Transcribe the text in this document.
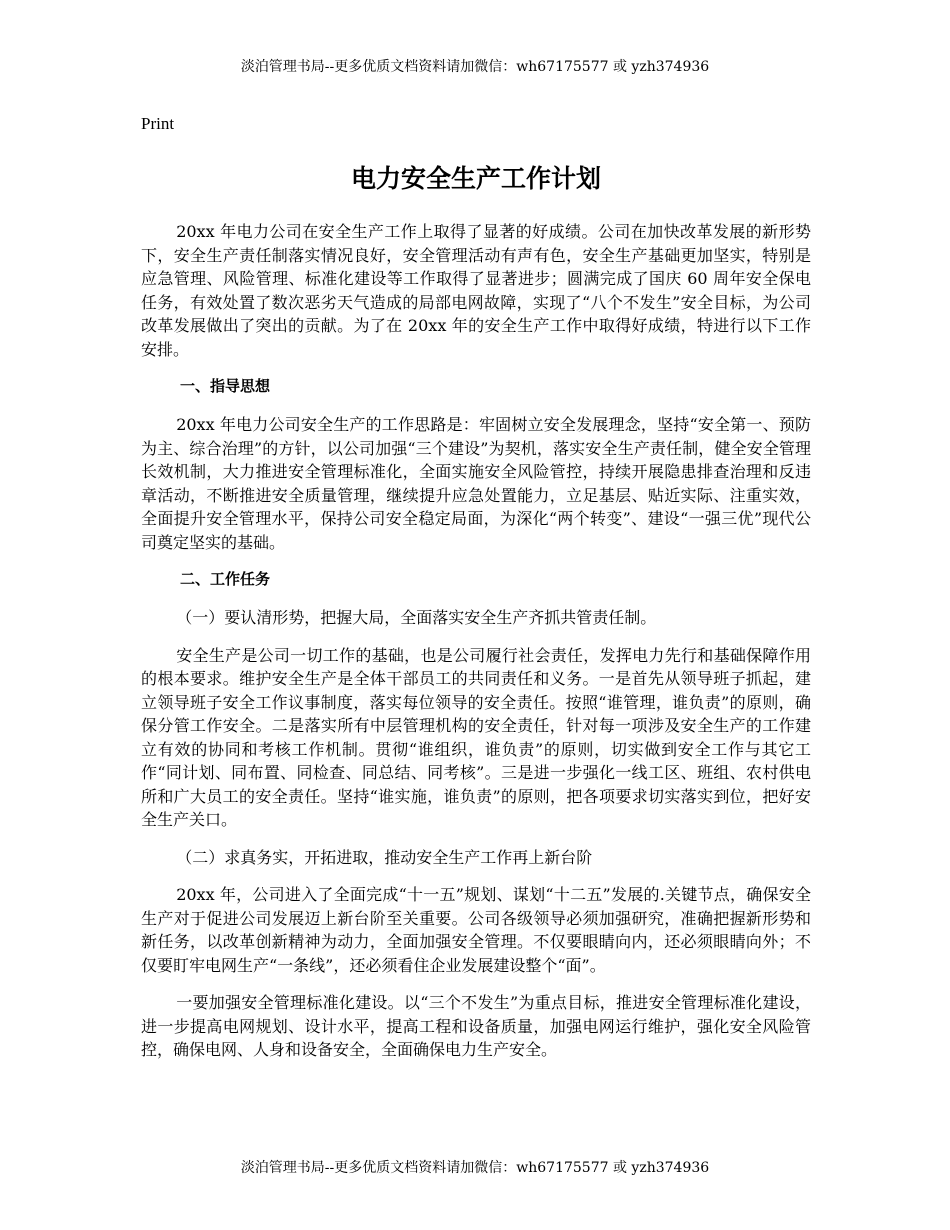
淡泊管理书局--更多优质文档资料请加微信：wh67175577 或 yzh374936
Print
电力安全生产工作计划

20xx 年电力公司在安全生产工作上取得了显著的好成绩。公司在加快改革发展的新形势下，安全生产责任制落实情况良好，安全管理活动有声有色，安全生产基础更加坚实，特别是应急管理、风险管理、标准化建设等工作取得了显著进步；圆满完成了国庆 60 周年安全保电任务，有效处置了数次恶劣天气造成的局部电网故障，实现了“八个不发生”安全目标，为公司改革发展做出了突出的贡献。为了在 20xx 年的安全生产工作中取得好成绩，特进行以下工作安排。

一、指导思想

20xx 年电力公司安全生产的工作思路是：牢固树立安全发展理念，坚持“安全第一、预防为主、综合治理”的方针，以公司加强“三个建设”为契机，落实安全生产责任制，健全安全管理长效机制，大力推进安全管理标准化，全面实施安全风险管控，持续开展隐患排查治理和反违章活动，不断推进安全质量管理，继续提升应急处置能力，立足基层、贴近实际、注重实效，全面提升安全管理水平，保持公司安全稳定局面，为深化“两个转变”、建设“一强三优”现代公司奠定坚实的基础。

二、工作任务

（一）要认清形势，把握大局，全面落实安全生产齐抓共管责任制。

安全生产是公司一切工作的基础，也是公司履行社会责任，发挥电力先行和基础保障作用的根本要求。维护安全生产是全体干部员工的共同责任和义务。一是首先从领导班子抓起，建立领导班子安全工作议事制度，落实每位领导的安全责任。按照“谁管理，谁负责”的原则，确保分管工作安全。二是落实所有中层管理机构的安全责任，针对每一项涉及安全生产的工作建立有效的协同和考核工作机制。贯彻“谁组织，谁负责”的原则，切实做到安全工作与其它工作“同计划、同布置、同检查、同总结、同考核”。三是进一步强化一线工区、班组、农村供电所和广大员工的安全责任。坚持“谁实施，谁负责”的原则，把各项要求切实落实到位，把好安全生产关口。

（二）求真务实，开拓进取，推动安全生产工作再上新台阶

20xx 年，公司进入了全面完成“十一五”规划、谋划“十二五”发展的.关键节点，确保安全生产对于促进公司发展迈上新台阶至关重要。公司各级领导必须加强研究，准确把握新形势和新任务，以改革创新精神为动力，全面加强安全管理。不仅要眼睛向内，还必须眼睛向外；不仅要盯牢电网生产“一条线”，还必须看住企业发展建设整个“面”。

一要加强安全管理标准化建设。以“三个不发生”为重点目标，推进安全管理标准化建设，进一步提高电网规划、设计水平，提高工程和设备质量，加强电网运行维护，强化安全风险管控，确保电网、人身和设备安全，全面确保电力生产安全。

淡泊管理书局--更多优质文档资料请加微信：wh67175577 或 yzh374936
